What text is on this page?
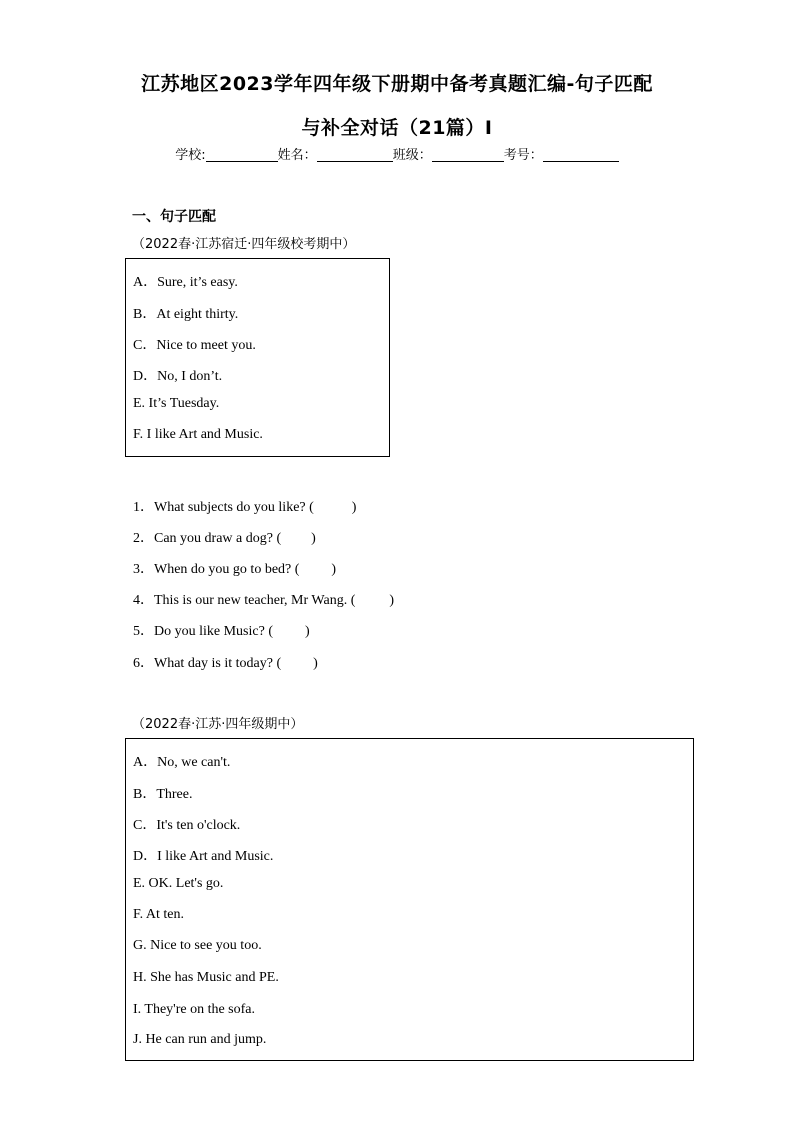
江苏地区2023学年四年级下册期中备考真题汇编-句子匹配
与补全对话（21篇）Ⅰ
学校:	姓名：	班级：	考号：
一、句子匹配
（2022春·江苏宿迁·四年级校考期中）
A．Sure, it’s easy.
B．At eight thirty.
C．Nice to meet you.
D．No, I don’t.
E. It’s Tuesday.
F. I like Art and Music.
1．What subjects do you like? (	)
2．Can you draw a dog? ( )
3．When do you go to bed? ( )
4．This is our new teacher, Mr Wang. ( )
5．Do you like Music? ( )
6．What day is it today? ( )
（2022春·江苏·四年级期中）
A．No, we can't.
B．Three.
C．It's ten o'clock.
D．I like Art and Music.
E. OK. Let's go.
F. At ten.
G. Nice to see you too.
H. She has Music and PE.
I. They're on the sofa.
J. He can run and jump.
